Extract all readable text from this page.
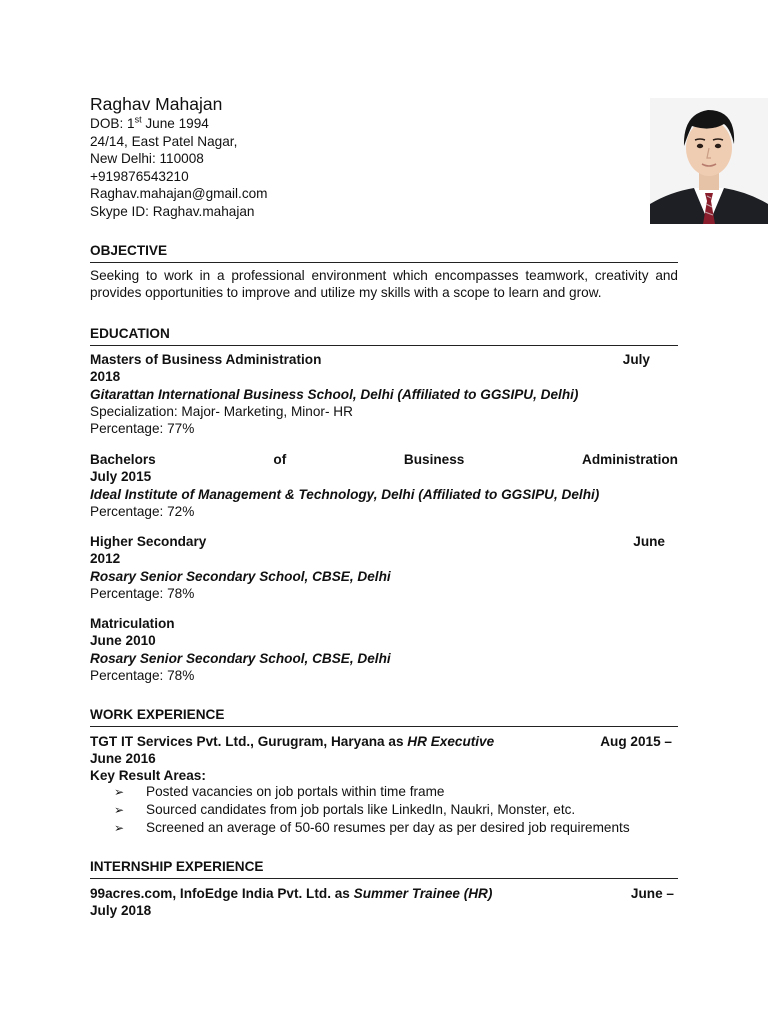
Raghav Mahajan
DOB: 1st June 1994
24/14, East Patel Nagar,
New Delhi: 110008
+919876543210
Raghav.mahajan@gmail.com
Skype ID: Raghav.mahajan
OBJECTIVE
Seeking to work in a professional environment which encompasses teamwork, creativity and provides opportunities to improve and utilize my skills with a scope to learn and grow.
EDUCATION
Masters of Business Administration	July
2018
Gitarattan International Business School, Delhi (Affiliated to GGSIPU, Delhi)
Specialization: Major- Marketing, Minor- HR
Percentage: 77%
Bachelors	of	Business	Administration
July 2015
Ideal Institute of Management & Technology, Delhi (Affiliated to GGSIPU, Delhi)
Percentage: 72%
Higher Secondary	June
2012
Rosary Senior Secondary School, CBSE, Delhi
Percentage: 78%
Matriculation
June 2010
Rosary Senior Secondary School, CBSE, Delhi
Percentage: 78%
WORK EXPERIENCE
TGT IT Services Pvt. Ltd., Gurugram, Haryana as HR Executive	Aug 2015 –
June 2016
Key Result Areas:
➢ Posted vacancies on job portals within time frame
➢ Sourced candidates from job portals like LinkedIn, Naukri, Monster, etc.
➢ Screened an average of 50-60 resumes per day as per desired job requirements
INTERNSHIP EXPERIENCE
99acres.com, InfoEdge India Pvt. Ltd. as Summer Trainee (HR)	June –
July 2018
